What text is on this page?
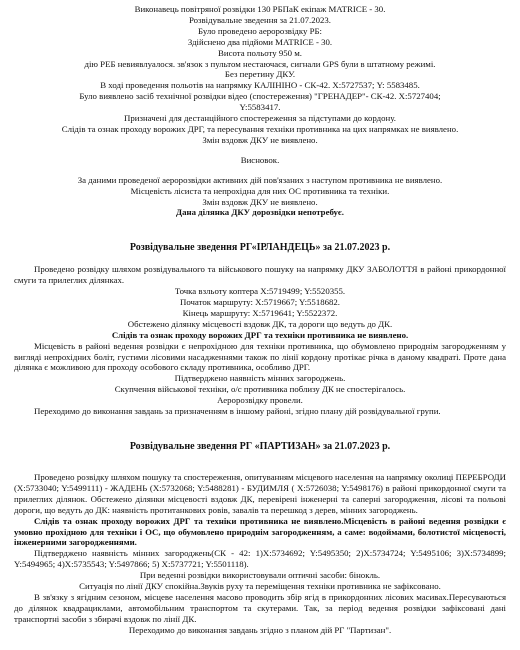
Виконавець повітряної розвідки 130 РБПаК екіпаж MATRICE - 30.

Розвідувальне зведення за 21.07.2023.

Було проведено аеророзвідку РБ:

Здійснено два підйоми MATRICE - 30.

Висота польоту 950 м.

дію РЕБ невиявлуалося. зв'язок з пультом нестаючася, сигнали GPS були в штатному режимі.

Без перетину ДКУ.

В ході проведення польотів на напрямку КАЛІНІНО - СК-42. Х:5727537; Y: 5583485.

Було виявлено засіб технічної розвідки відео (спостереження) "ГРЕНАДЕР"- СК-42. Х:5727404;

Y:5583417.

Призначені для дестанційного спостереження за підступами до кордону.

Слідів та ознак проходу ворожих ДРГ, та пересування техніки противника на цих напрямках не виявлено.

Змін вздовж ДКУ не виявлено.

Висновок.

За даними проведеної аеророзвідки активних дій пов'язаних з наступом противника не виявлено.

Місцевість лісиста та непрохідна для них ОС противника та техніки.

Змін вздовж ДКУ не виявлено.

Дана ділянка ДКУ дорозвідки непотребує.

Розвідувальне зведення РГ«ІРЛАНДЕЦЬ» за 21.07.2023 р.

Проведено розвідку шляхом розвідувального та військового пошуку на напрямку ДКУ ЗАБОЛОТТЯ в районі прикордонної смуги та прилеглих ділянках.

Точка взльоту коптера X:5719499; Y:5520355.

Початок маршруту: X:5719667; Y:5518682.

Кінець маршруту: X:5719641; Y:5522372.

Обстежено ділянку місцевості вздовж ДК, та дороги що ведуть до ДК.

Слідів та ознак проходу ворожих ДРГ та техніки противника не виявлено.

Місцевість в районі ведення розвідки є непрохідною для техніки противника, що обумовлено природнім загородженням у вигляді непрохідних боліт, густими лісовими насадженнями також по лінії кордону протікає річка в даному квадраті. Проте дана ділянка є можливою для проходу особового складу противника, особливо ДРГ.

Підтверджено наявність мінних загороджень.

Скупчення військової техніки, о/с противника поблизу ДК не спостерігалось.

Аеророзвідку провели.

Переходимо до виконання завдань за призначенням в іншому районі, згідно плану дій розвідувальної групи.

Розвідувальне зведення РГ «ПАРТИЗАН» за 21.07.2023 р.

Проведено розвідку шляхом пошуку та спостереження, опитуванням місцевого населення на напрямку околиці ПЕРЕБРОДИ (X:5733040; Y:5499111) - ЖАДЕНЬ (X:5732068; Y:5488281) - БУДИМЛЯ ( X:5726038; Y:5498176) в районі прикордонної смуги та прилеглих ділянок. Обстежено ділянки місцевості вздовж ДК, перевірені інженерні та саперні загородження, лісові та польові дороги, що ведуть до ДК: наявність протитанкових ровів, завалів та перешкод з дерев, мінних загороджень.

Слідів та ознак проходу ворожих ДРГ та техніки противника не виявлено.Місцевість в районі ведення розвідки є умовно прохідною для техніки і ОС, що обумовлено природнім загородженням, а саме: водоймами, болотистої місцевості, інженерними загородженнями.

Підтверджено наявність мінних загороджень(СК - 42: 1)X:5734692; Y:5495350; 2)X:5734724; Y:5495106; 3)X:5734899; Y:5494965; 4)X:5735543; Y:5497866; 5) X:5737721; Y:5501118).

При веденні розвідки використовували оптичні засоби: бінокль.

Ситуація по лінії ДКУ спокійна.Звуків руху та переміщення техніки противника не зафіксовано.

В зв'язку з ягідним сезоном, місцеве населення масово проводить збір ягід в прикордонних лісових масивах.Пересуваються до ділянок квадрациклами, автомобільним транспортом та скутерами. Так, за період ведення розвідки зафіксовані дані транспортні засоби з збирачі вздовж по лінії ДК.

Переходимо до виконання завдань згідно з планом дій РГ "Партизан".
